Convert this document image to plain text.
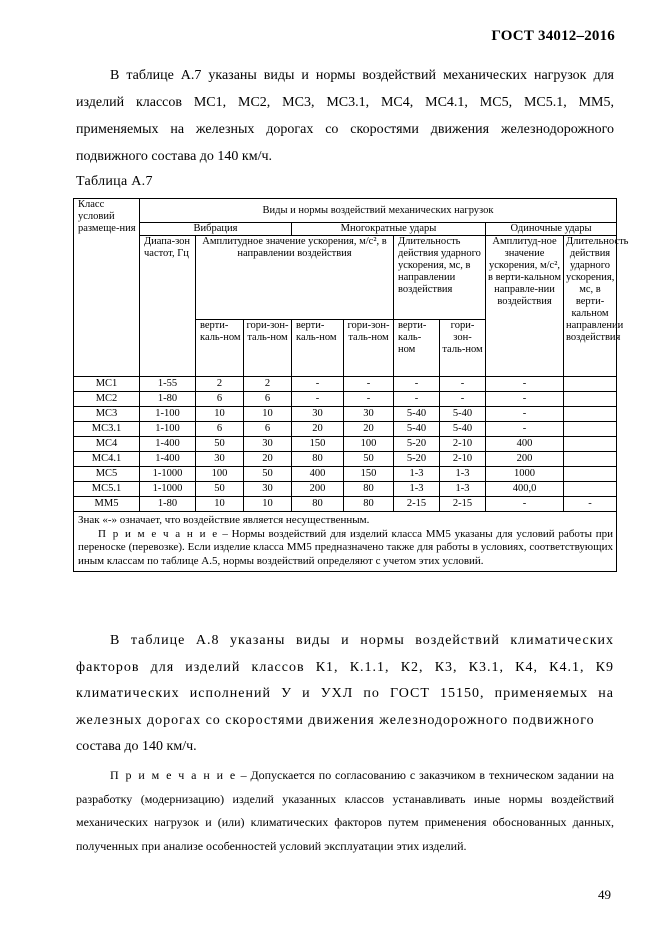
ГОСТ 34012–2016
В таблице А.7 указаны виды и нормы воздействий механических нагрузок для изделий классов МС1, МС2, МС3, МС3.1, МС4, МС4.1, МС5, МС5.1, ММ5, применяемых на железных дорогах со скоростями движения железнодорожного подвижного состава до 140 км/ч.
Таблица А.7
Класс условий размеще-ния	Виды и нормы воздействий механических нагрузок								
	Вибрация			Многократные удары				Одиночные удары	
	Диапа-зон частот, Гц	Амплитудное значение ускорения, м/с², в направлении воздействия				Длительность действия ударного ускорения, мс, в направлении воздействия		Амплитуд-ное значение ускорения, м/с², в верти-кальном направле-нии воздействия	Длительность действия ударного ускорения, мс, в верти-кальном направлении воздействия
		верти-каль-ном	гори-зон-таль-ном	верти-каль-ном	гори-зон-таль-ном	верти-каль-ном	гори-зон-таль-ном		
МС1	1-55	2	2	-	-	-	-	-	
МС2	1-80	6	6	-	-	-	-	-	
МС3	1-100	10	10	30	30	5-40	5-40	-	
МС3.1	1-100	6	6	20	20	5-40	5-40	-	
МС4	1-400	50	30	150	100	5-20	2-10	400	
МС4.1	1-400	30	20	80	50	5-20	2-10	200	
МС5	1-1000	100	50	400	150	1-3	1-3	1000	
МС5.1	1-1000	50	30	200	80	1-3	1-3	400,0	
ММ5	1-80	10	10	80	80	2-15	2-15	-	-
Знак «-» означает, что воздействие является несущественным.
П р и м е ч а н и е – Нормы воздействий для изделий класса ММ5 указаны для условий работы при переноске (перевозке). Если изделие класса ММ5 предназначено также для работы в условиях, соответствующих иным классам по таблице А.5, нормы воздействий определяют с учетом этих условий.
В таблице А.8 указаны виды и нормы воздействий климатических факторов для изделий классов К1, К.1.1, К2, К3, К3.1, К4, К4.1, К9 климатических исполнений У и УХЛ по ГОСТ 15150, применяемых на железных дорогах со скоростями движения железнодорожного подвижного
состава до 140 км/ч.
П р и м е ч а н и е – Допускается по согласованию с заказчиком в техническом задании на разработку (модернизацию) изделий указанных классов устанавливать иные нормы воздействий механических нагрузок и (или) климатических факторов путем применения обоснованных данных, полученных при анализе особенностей условий эксплуатации этих изделий.
49
